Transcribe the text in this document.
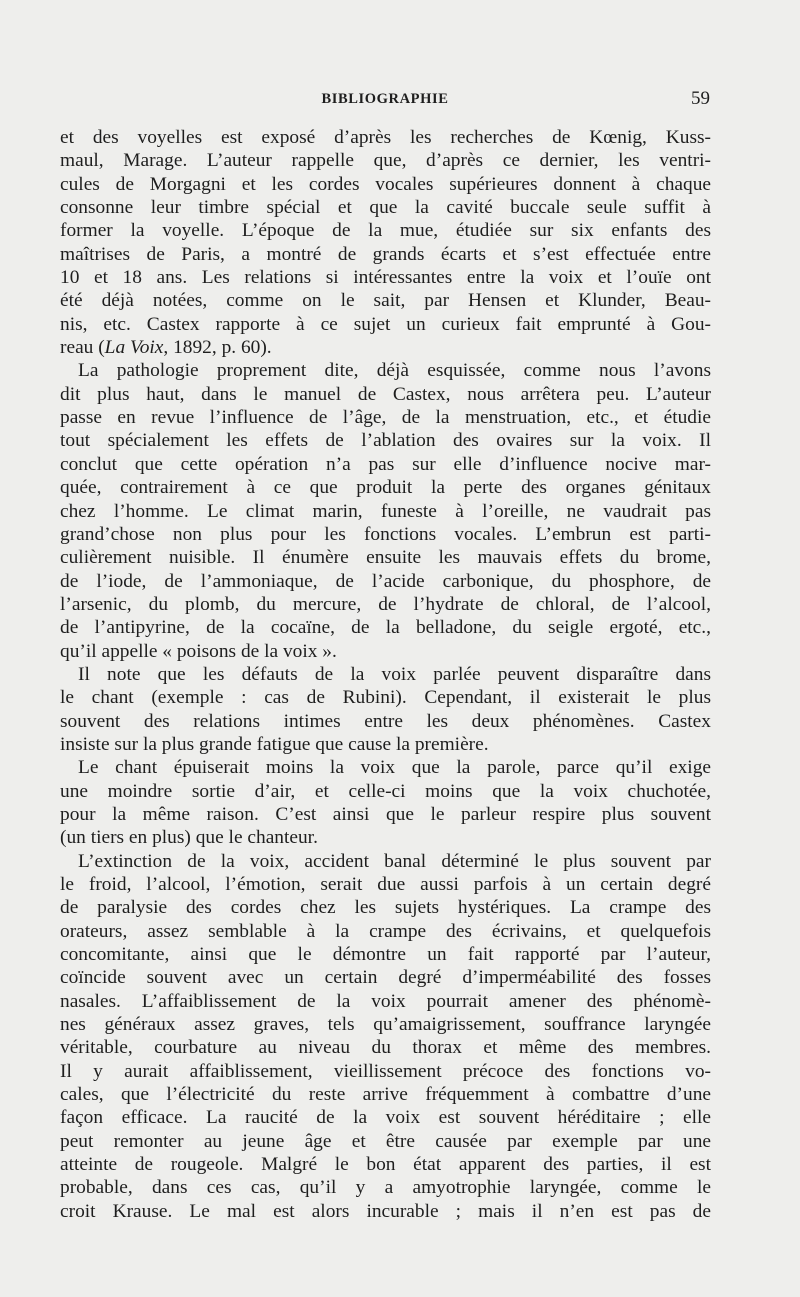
BIBLIOGRAPHIE	59

et des voyelles est exposé d’après les recherches de Kœnig, Kuss-
maul, Marage. L’auteur rappelle que, d’après ce dernier, les ventri-
cules de Morgagni et les cordes vocales supérieures donnent à chaque
consonne leur timbre spécial et que la cavité buccale seule suffit à
former la voyelle. L’époque de la mue, étudiée sur six enfants des
maîtrises de Paris, a montré de grands écarts et s’est effectuée entre
10 et 18 ans. Les relations si intéressantes entre la voix et l’ouïe ont
été déjà notées, comme on le sait, par Hensen et Klunder, Beau-
nis, etc. Castex rapporte à ce sujet un curieux fait emprunté à Gou-
reau (La Voix, 1892, p. 60).

La pathologie proprement dite, déjà esquissée, comme nous l’avons
dit plus haut, dans le manuel de Castex, nous arrêtera peu. L’auteur
passe en revue l’influence de l’âge, de la menstruation, etc., et étudie
tout spécialement les effets de l’ablation des ovaires sur la voix. Il
conclut que cette opération n’a pas sur elle d’influence nocive mar-
quée, contrairement à ce que produit la perte des organes génitaux
chez l’homme. Le climat marin, funeste à l’oreille, ne vaudrait pas
grand’chose non plus pour les fonctions vocales. L’embrun est parti-
culièrement nuisible. Il énumère ensuite les mauvais effets du brome,
de l’iode, de l’ammoniaque, de l’acide carbonique, du phosphore, de
l’arsenic, du plomb, du mercure, de l’hydrate de chloral, de l’alcool,
de l’antipyrine, de la cocaïne, de la belladone, du seigle ergoté, etc.,
qu’il appelle « poisons de la voix ».

Il note que les défauts de la voix parlée peuvent disparaître dans
le chant (exemple : cas de Rubini). Cependant, il existerait le plus
souvent des relations intimes entre les deux phénomènes. Castex
insiste sur la plus grande fatigue que cause la première.

Le chant épuiserait moins la voix que la parole, parce qu’il exige
une moindre sortie d’air, et celle-ci moins que la voix chuchotée,
pour la même raison. C’est ainsi que le parleur respire plus souvent
(un tiers en plus) que le chanteur.

L’extinction de la voix, accident banal déterminé le plus souvent par
le froid, l’alcool, l’émotion, serait due aussi parfois à un certain degré
de paralysie des cordes chez les sujets hystériques. La crampe des
orateurs, assez semblable à la crampe des écrivains, et quelquefois
concomitante, ainsi que le démontre un fait rapporté par l’auteur,
coïncide souvent avec un certain degré d’imperméabilité des fosses
nasales. L’affaiblissement de la voix pourrait amener des phénomè-
nes généraux assez graves, tels qu’amaigrissement, souffrance laryngée
véritable, courbature au niveau du thorax et même des membres.
Il y aurait affaiblissement, vieillissement précoce des fonctions vo-
cales, que l’électricité du reste arrive fréquemment à combattre d’une
façon efficace. La raucité de la voix est souvent héréditaire ; elle
peut remonter au jeune âge et être causée par exemple par une
atteinte de rougeole. Malgré le bon état apparent des parties, il est
probable, dans ces cas, qu’il y a amyotrophie laryngée, comme le
croit Krause. Le mal est alors incurable ; mais il n’en est pas de
